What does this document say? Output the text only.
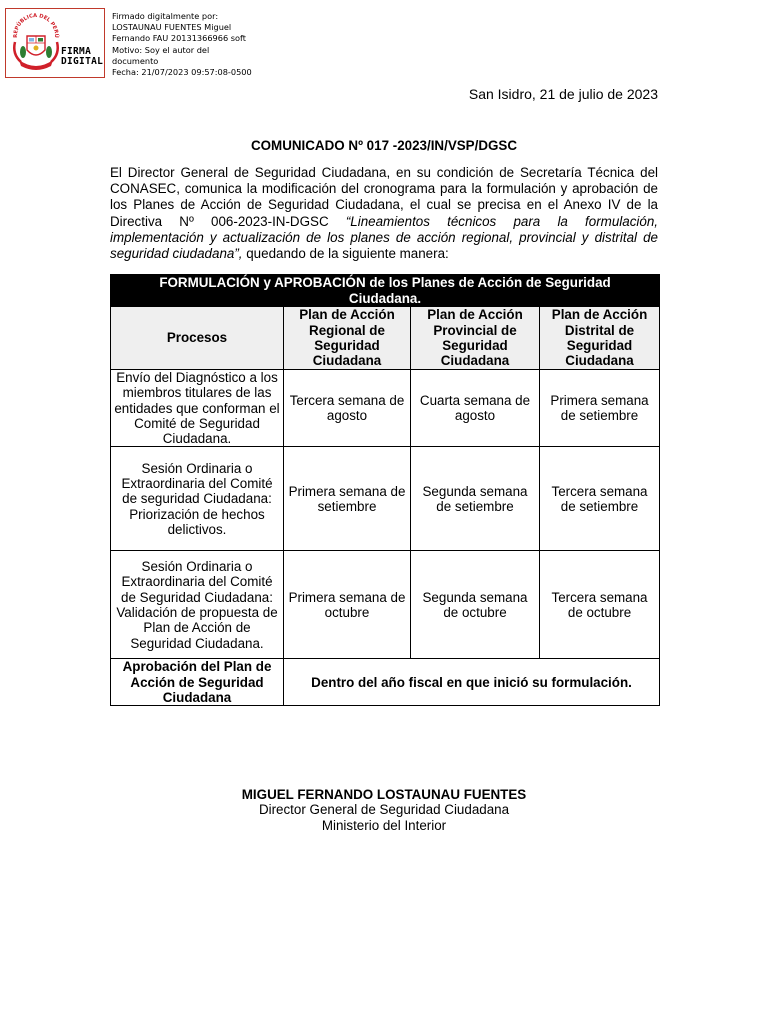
REPÚBLICA DEL PERÚ
FIRMA
DIGITAL
Firmado digitalmente por:
LOSTAUNAU FUENTES Miguel
Fernando FAU 20131366966 soft
Motivo: Soy el autor del
documento
Fecha: 21/07/2023 09:57:08-0500
San Isidro, 21 de julio de 2023
COMUNICADO Nº 017 -2023/IN/VSP/DGSC
El Director General de Seguridad Ciudadana, en su condición de Secretaría Técnica del CONASEC, comunica la modificación del cronograma para la formulación y aprobación de los Planes de Acción de Seguridad Ciudadana, el cual se precisa en el Anexo IV de la Directiva Nº 006-2023-IN-DGSC “Lineamientos técnicos para la formulación, implementación y actualización de los planes de acción regional, provincial y distrital de seguridad ciudadana”, quedando de la siguiente manera:
FORMULACIÓN y APROBACIÓN de los Planes de Acción de Seguridad Ciudadana.			
Procesos	Plan de Acción Regional de Seguridad Ciudadana	Plan de Acción Provincial de Seguridad Ciudadana	Plan de Acción Distrital de Seguridad Ciudadana
Envío del Diagnóstico a los miembros titulares de las entidades que conforman el Comité de Seguridad Ciudadana.	Tercera semana de agosto	Cuarta semana de agosto	Primera semana de setiembre
Sesión Ordinaria o Extraordinaria del Comité de seguridad Ciudadana: Priorización de hechos delictivos.	Primera semana de setiembre	Segunda semana de setiembre	Tercera semana de setiembre
Sesión Ordinaria o Extraordinaria del Comité de Seguridad Ciudadana: Validación de propuesta de Plan de Acción de Seguridad Ciudadana.	Primera semana de octubre	Segunda semana de octubre	Tercera semana de octubre
Aprobación del Plan de Acción de Seguridad Ciudadana	Dentro del año fiscal en que inició su formulación.		
MIGUEL FERNANDO LOSTAUNAU FUENTES
Director General de Seguridad Ciudadana
Ministerio del Interior
